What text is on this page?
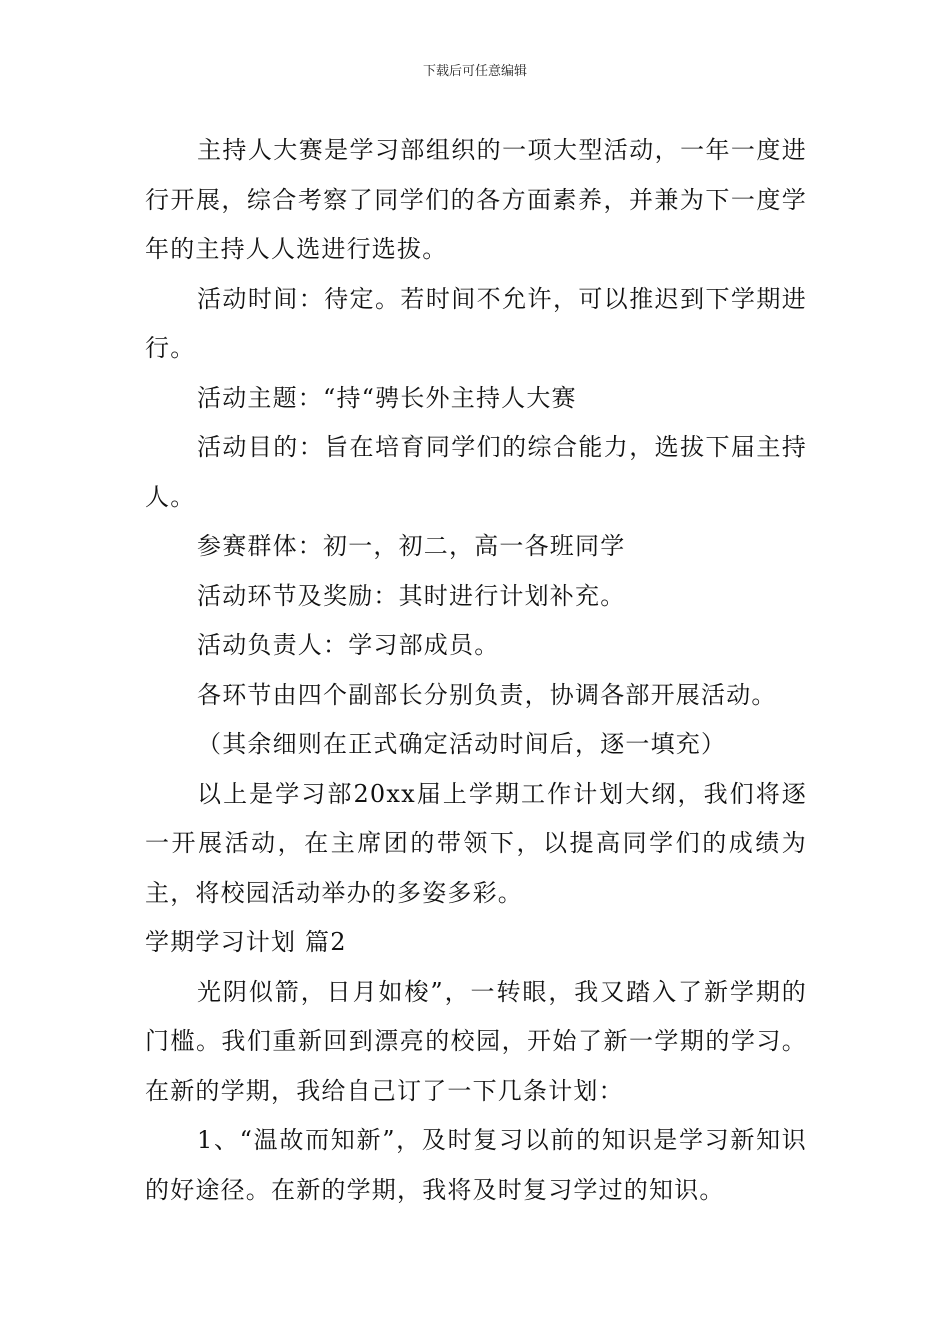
下载后可任意编辑

主持人大赛是学习部组织的一项大型活动，一年一度进行开展，综合考察了同学们的各方面素养，并兼为下一度学年的主持人人选进行选拔。

活动时间：待定。若时间不允许，可以推迟到下学期进行。

活动主题：“持“骋长外主持人大赛

活动目的：旨在培育同学们的综合能力，选拔下届主持人。

参赛群体：初一，初二，高一各班同学

活动环节及奖励：其时进行计划补充。

活动负责人：学习部成员。

各环节由四个副部长分别负责，协调各部开展活动。

（其余细则在正式确定活动时间后，逐一填充）

以上是学习部20xx届上学期工作计划大纲，我们将逐一开展活动，在主席团的带领下，以提高同学们的成绩为主，将校园活动举办的多姿多彩。

学期学习计划 篇2

光阴似箭，日月如梭”，一转眼，我又踏入了新学期的门槛。我们重新回到漂亮的校园，开始了新一学期的学习。在新的学期，我给自己订了一下几条计划：

1、“温故而知新”，及时复习以前的知识是学习新知识的好途径。在新的学期，我将及时复习学过的知识。
